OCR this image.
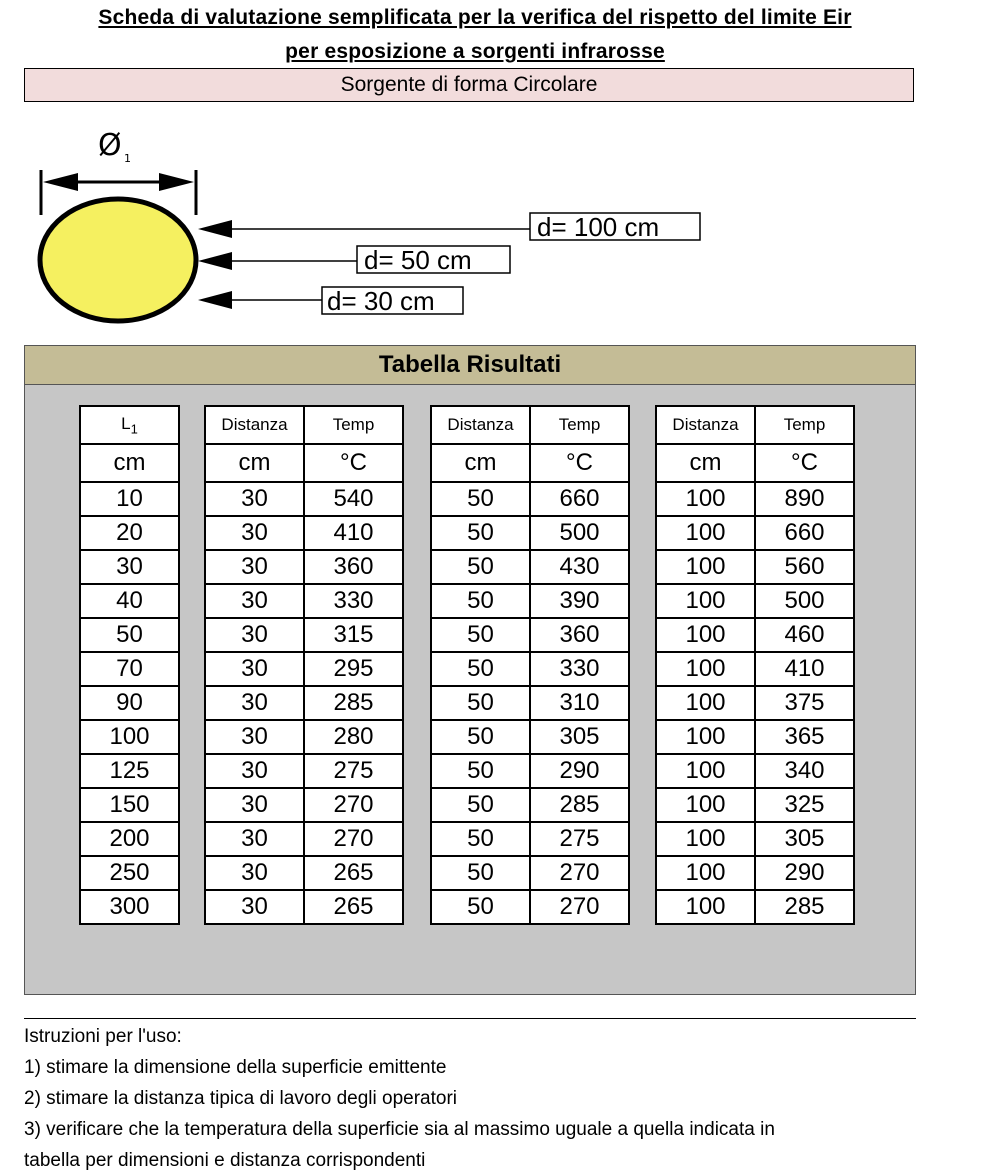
Scheda di valutazione semplificata per la verifica del rispetto del limite Eir
per esposizione a sorgenti infrarosse
Sorgente di forma Circolare
Ø 1
d= 100 cm
d= 50 cm
d= 30 cm
Tabella Risultati
$L_1$
cm
10
20
30
40
50
70
90
100
125
150
200
250
300
Distanza	Temp
cm	°C
30	540
30	410
30	360
30	330
30	315
30	295
30	285
30	280
30	275
30	270
30	270
30	265
30	265
Distanza	Temp
cm	°C
50	660
50	500
50	430
50	390
50	360
50	330
50	310
50	305
50	290
50	285
50	275
50	270
50	270
Distanza	Temp
cm	°C
100	890
100	660
100	560
100	500
100	460
100	410
100	375
100	365
100	340
100	325
100	305
100	290
100	285
Istruzioni per l'uso:
1) stimare la dimensione della superficie emittente
2) stimare la distanza tipica di lavoro degli operatori
3) verificare che la temperatura della superficie sia al massimo uguale a quella indicata in
tabella per dimensioni e distanza corrispondenti
